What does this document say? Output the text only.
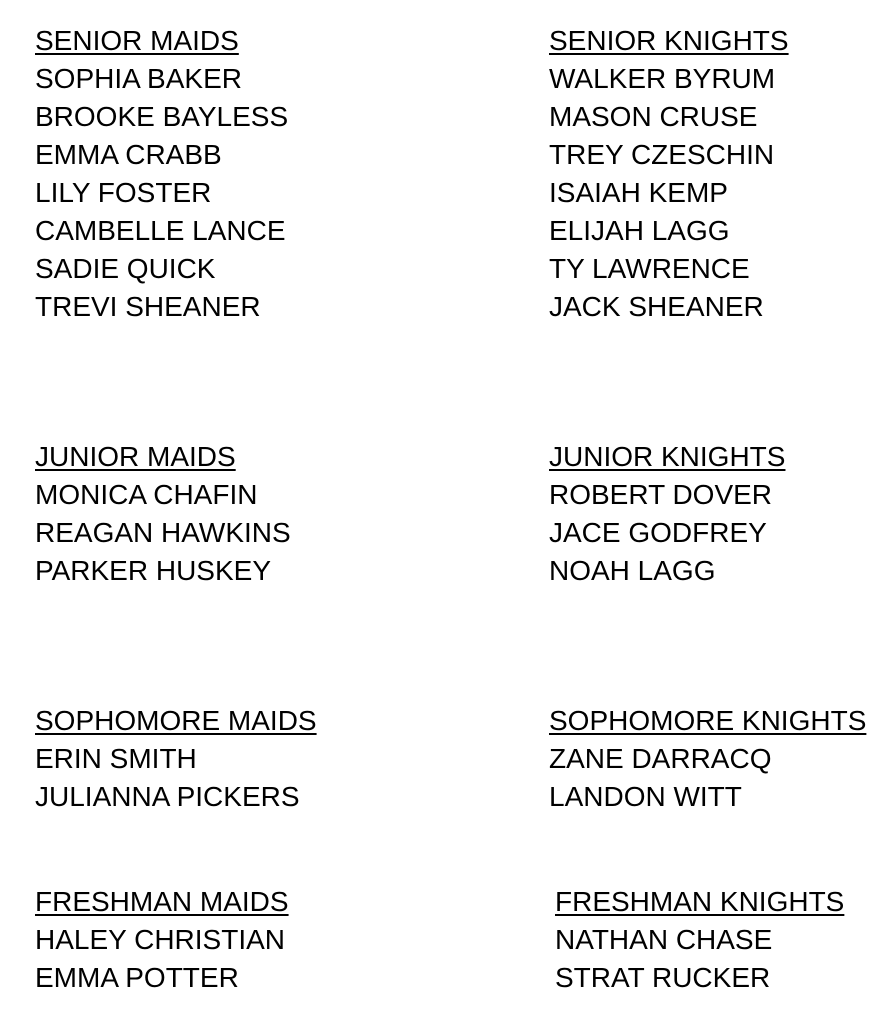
SENIOR MAIDS
SOPHIA BAKER
BROOKE BAYLESS
EMMA CRABB
LILY FOSTER
CAMBELLE LANCE
SADIE QUICK
TREVI SHEANER
SENIOR KNIGHTS
WALKER BYRUM
MASON CRUSE
TREY CZESCHIN
ISAIAH KEMP
ELIJAH LAGG
TY LAWRENCE
JACK SHEANER
JUNIOR MAIDS
MONICA CHAFIN
REAGAN HAWKINS
PARKER HUSKEY
JUNIOR KNIGHTS
ROBERT DOVER
JACE GODFREY
NOAH LAGG
SOPHOMORE MAIDS
ERIN SMITH
JULIANNA PICKERS
SOPHOMORE KNIGHTS
ZANE DARRACQ
LANDON WITT
FRESHMAN MAIDS
HALEY CHRISTIAN
EMMA POTTER
FRESHMAN KNIGHTS
NATHAN CHASE
STRAT RUCKER
